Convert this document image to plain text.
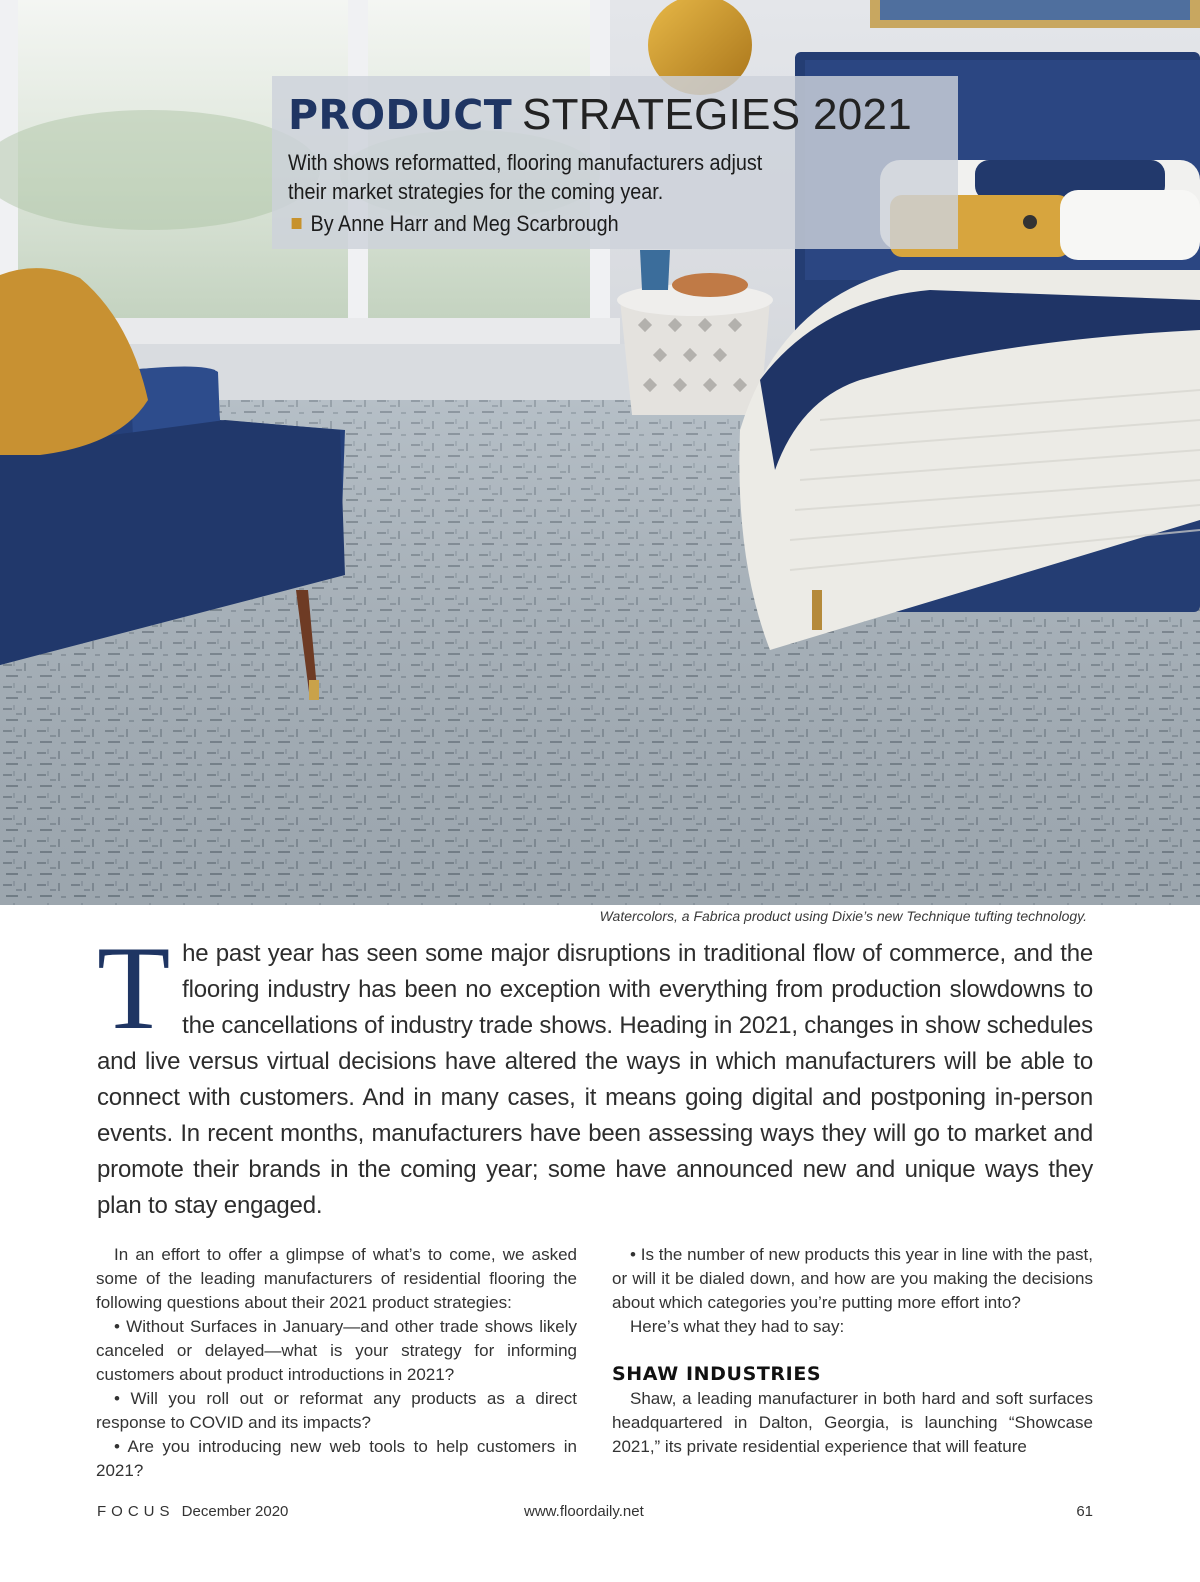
PRODUCT STRATEGIES 2021
With shows reformatted, flooring manufacturers adjust their market strategies for the coming year.
By Anne Harr and Meg Scarbrough
Watercolors, a Fabrica product using Dixie’s new Technique tufting technology.
The past year has seen some major disruptions in traditional flow of commerce, and the flooring industry has been no exception with everything from production slowdowns to the cancellations of industry trade shows. Heading in 2021, changes in show schedules and live versus virtual decisions have altered the ways in which manufacturers will be able to connect with customers. And in many cases, it means going digital and postponing in-person events. In recent months, manufacturers have been assessing ways they will go to market and promote their brands in the coming year; some have announced new and unique ways they plan to stay engaged.

In an effort to offer a glimpse of what’s to come, we asked some of the leading manufacturers of residential flooring the following questions about their 2021 product strategies:

• Without Surfaces in January—and other trade shows likely canceled or delayed—what is your strategy for informing customers about product introductions in 2021?

• Will you roll out or reformat any products as a direct response to COVID and its impacts?

• Are you introducing new web tools to help customers in 2021?

• Is the number of new products this year in line with the past, or will it be dialed down, and how are you making the decisions about which categories you’re putting more effort into?

Here’s what they had to say:

SHAW INDUSTRIES

Shaw, a leading manufacturer in both hard and soft surfaces headquartered in Dalton, Georgia, is launching “Showcase 2021,” its private residential experience that will feature

FOCUS December 2020	www.floordaily.net	61
